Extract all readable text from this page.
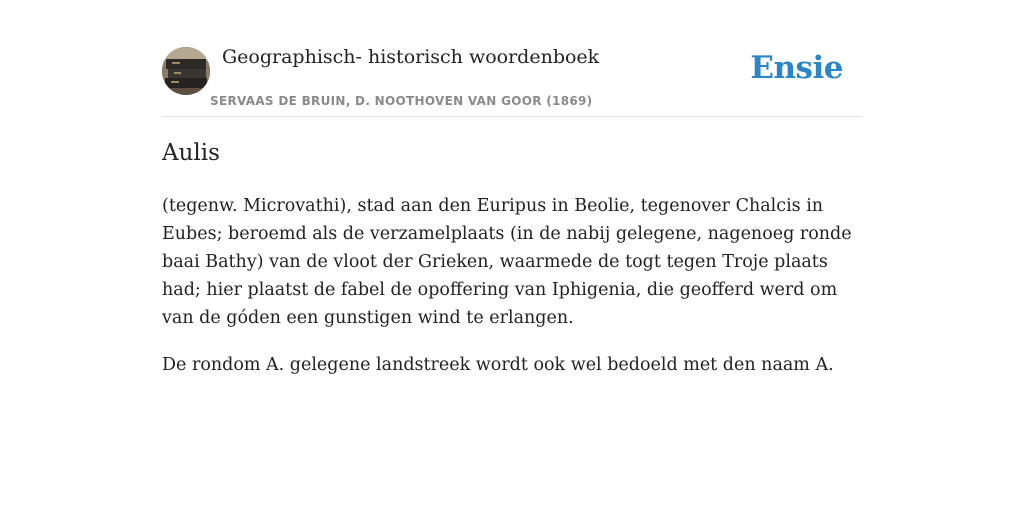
Geographisch- historisch woordenboek
SERVAAS DE BRUIN, D. NOOTHOVEN VAN GOOR (1869)
Ensie
Aulis

(tegenw. Microvathi), stad aan den Euripus in Beolie, tegenover Chalcis in Eubes; beroemd als de verzamelplaats (in de nabij gelegene, nagenoeg ronde baai Bathy) van de vloot der Grieken, waarmede de togt tegen Troje plaats had; hier plaatst de fabel de opoffering van Iphigenia, die geofferd werd om van de góden een gunstigen wind te erlangen.

De rondom A. gelegene landstreek wordt ook wel bedoeld met den naam A.
